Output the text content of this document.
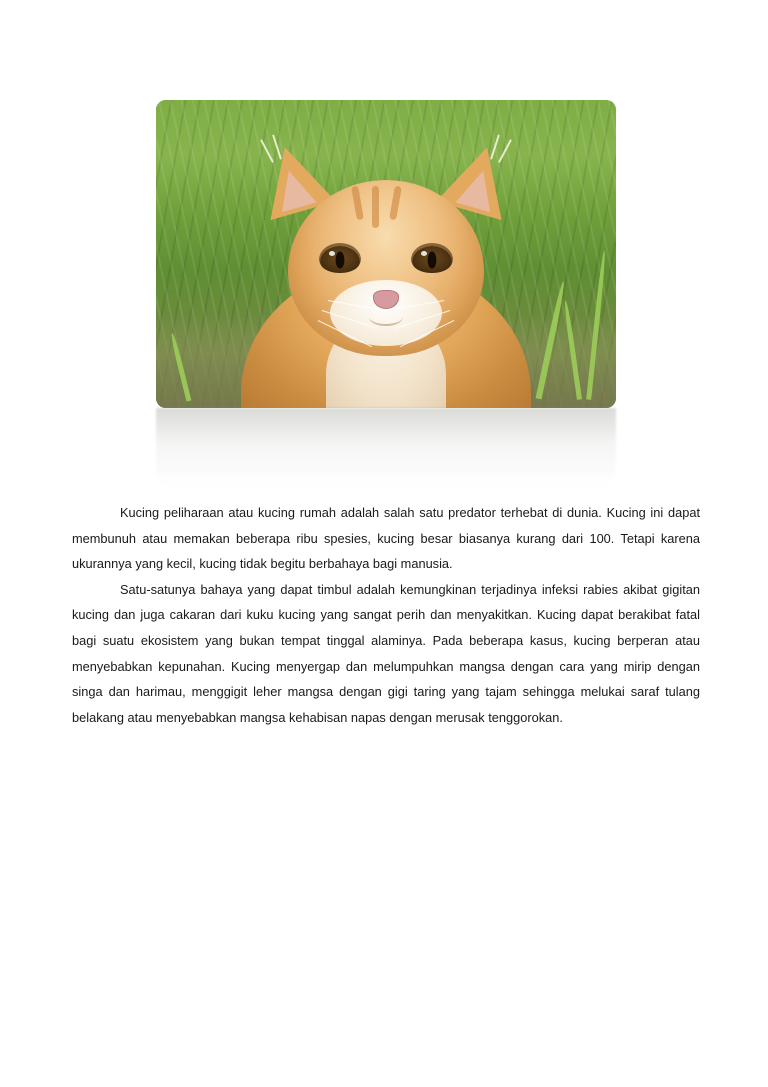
Kucing peliharaan atau kucing rumah adalah salah satu predator terhebat di dunia. Kucing ini dapat membunuh atau memakan beberapa ribu spesies, kucing besar biasanya kurang dari 100. Tetapi karena ukurannya yang kecil, kucing tidak begitu berbahaya bagi manusia.

Satu-satunya bahaya yang dapat timbul adalah kemungkinan terjadinya infeksi rabies akibat gigitan kucing dan juga cakaran dari kuku kucing yang sangat perih dan menyakitkan. Kucing dapat berakibat fatal bagi suatu ekosistem yang bukan tempat tinggal alaminya. Pada beberapa kasus, kucing berperan atau menyebabkan kepunahan. Kucing menyergap dan melumpuhkan mangsa dengan cara yang mirip dengan singa dan harimau, menggigit leher mangsa dengan gigi taring yang tajam sehingga melukai saraf tulang belakang atau menyebabkan mangsa kehabisan napas dengan merusak tenggorokan.
